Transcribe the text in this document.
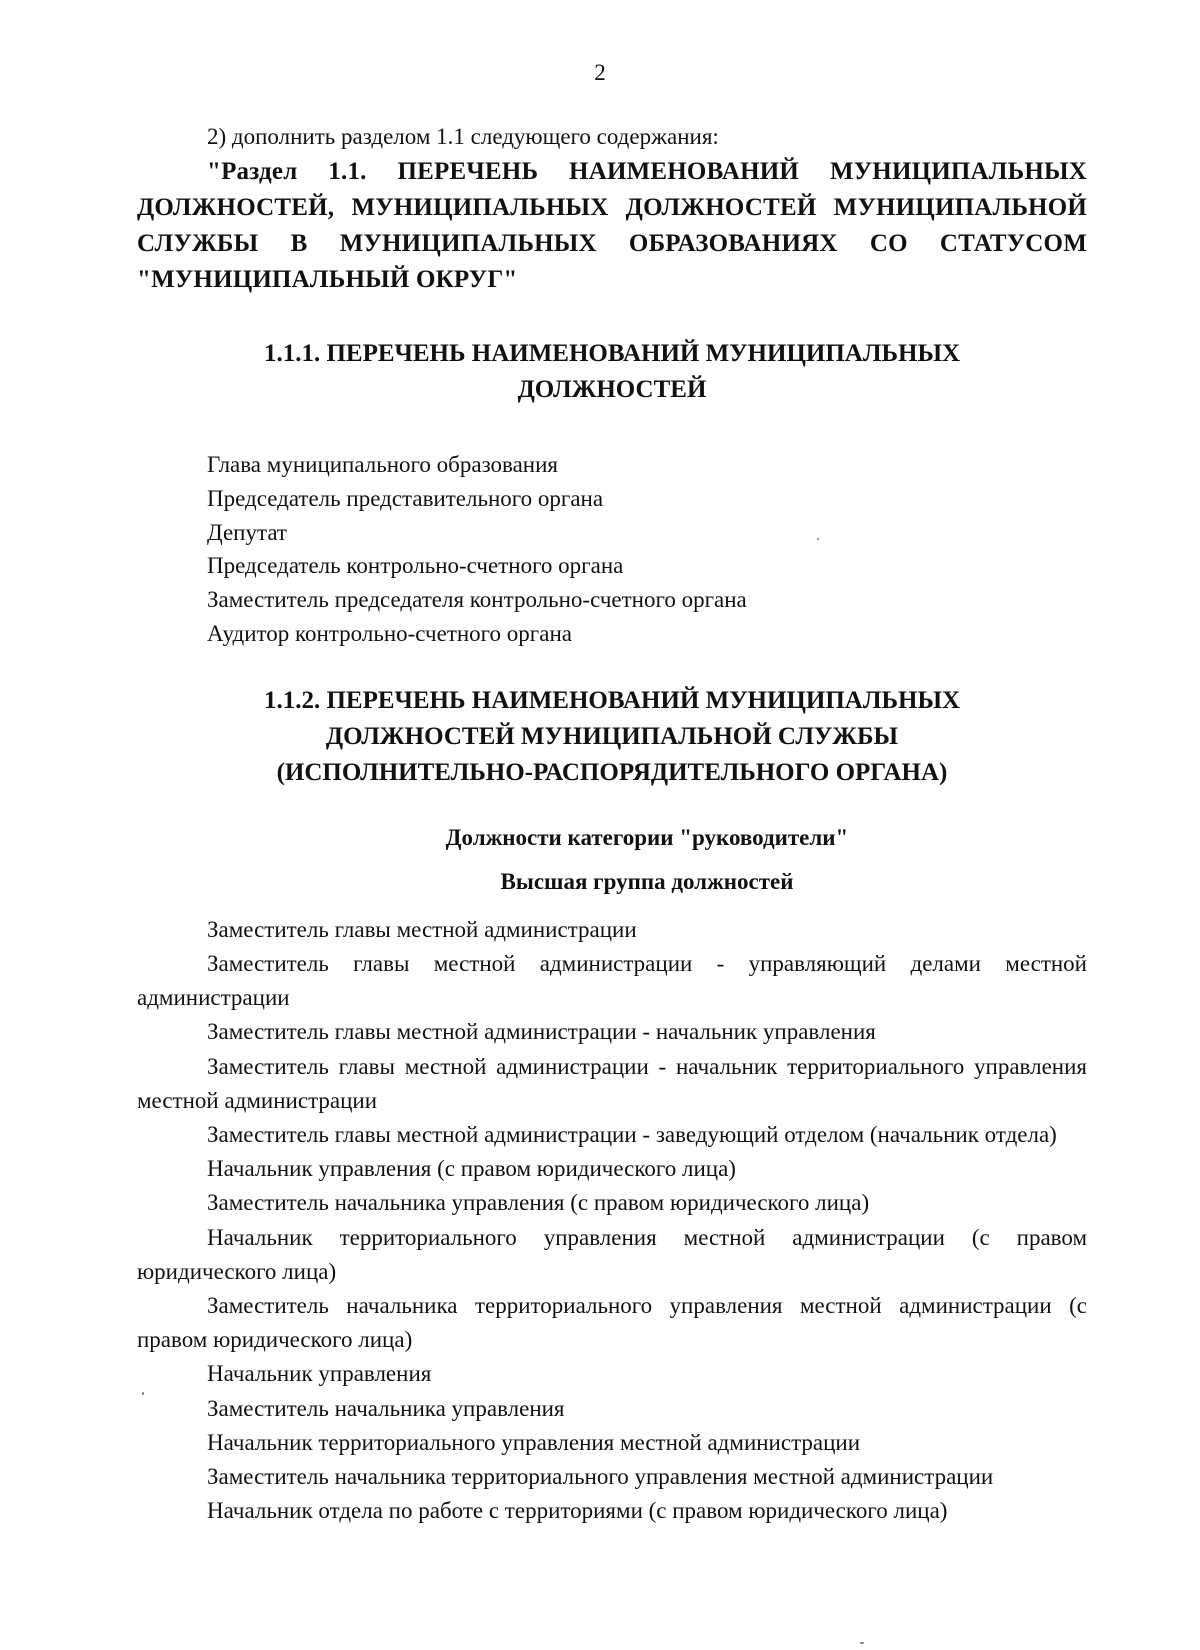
2

2) дополнить разделом 1.1 следующего содержания:

"Раздел 1.1. ПЕРЕЧЕНЬ НАИМЕНОВАНИЙ МУНИЦИПАЛЬНЫХ ДОЛЖНОСТЕЙ, МУНИЦИПАЛЬНЫХ ДОЛЖНОСТЕЙ МУНИЦИПАЛЬНОЙ СЛУЖБЫ В МУНИЦИПАЛЬНЫХ ОБРАЗОВАНИЯХ СО СТАТУСОМ "МУНИЦИПАЛЬНЫЙ ОКРУГ"

1.1.1. ПЕРЕЧЕНЬ НАИМЕНОВАНИЙ МУНИЦИПАЛЬНЫХ
ДОЛЖНОСТЕЙ
Глава муниципального образования
Председатель представительного органа
Депутат
Председатель контрольно-счетного органа
Заместитель председателя контрольно-счетного органа
Аудитор контрольно-счетного органа
1.1.2. ПЕРЕЧЕНЬ НАИМЕНОВАНИЙ МУНИЦИПАЛЬНЫХ
ДОЛЖНОСТЕЙ МУНИЦИПАЛЬНОЙ СЛУЖБЫ
(ИСПОЛНИТЕЛЬНО-РАСПОРЯДИТЕЛЬНОГО ОРГАНА)

Должности категории "руководители"

Высшая группа должностей

Заместитель главы местной администрации
Заместитель главы местной администрации - управляющий делами местной администрации
Заместитель главы местной администрации - начальник управления
Заместитель главы местной администрации - начальник территориального управления местной администрации
Заместитель главы местной администрации - заведующий отделом (начальник отдела)
Начальник управления (с правом юридического лица)
Заместитель начальника управления (с правом юридического лица)
Начальник территориального управления местной администрации (с правом юридического лица)
Заместитель начальника территориального управления местной администрации (с правом юридического лица)
Начальник управления
Заместитель начальника управления
Начальник территориального управления местной администрации
Заместитель начальника территориального управления местной администрации
Начальник отдела по работе с территориями (с правом юридического лица)
